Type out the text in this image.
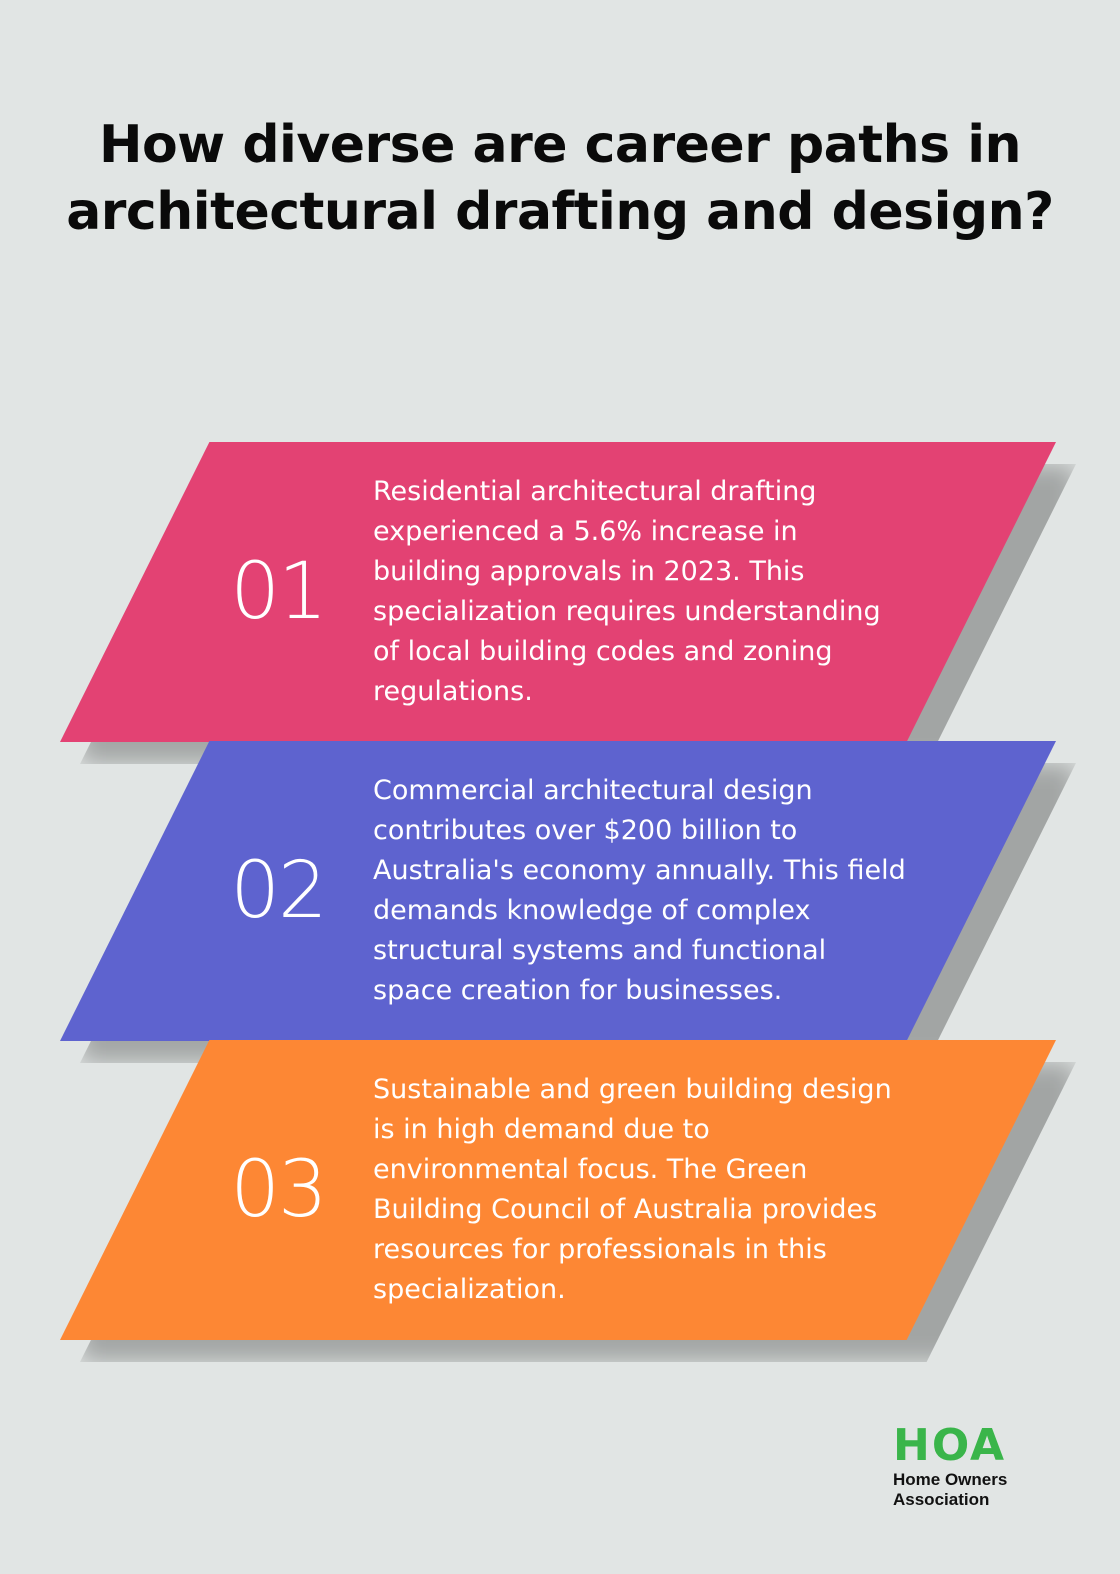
How diverse are career paths in architectural drafting and design?
01
Residential architectural drafting experienced a 5.6% increase in building approvals in 2023. This specialization requires understanding of local building codes and zoning regulations.
02
Commercial architectural design contributes over $200 billion to Australia's economy annually. This field demands knowledge of complex structural systems and functional space creation for businesses.
03
Sustainable and green building design is in high demand due to environmental focus. The Green Building Council of Australia provides resources for professionals in this specialization.
HOA
Home Owners
Association
